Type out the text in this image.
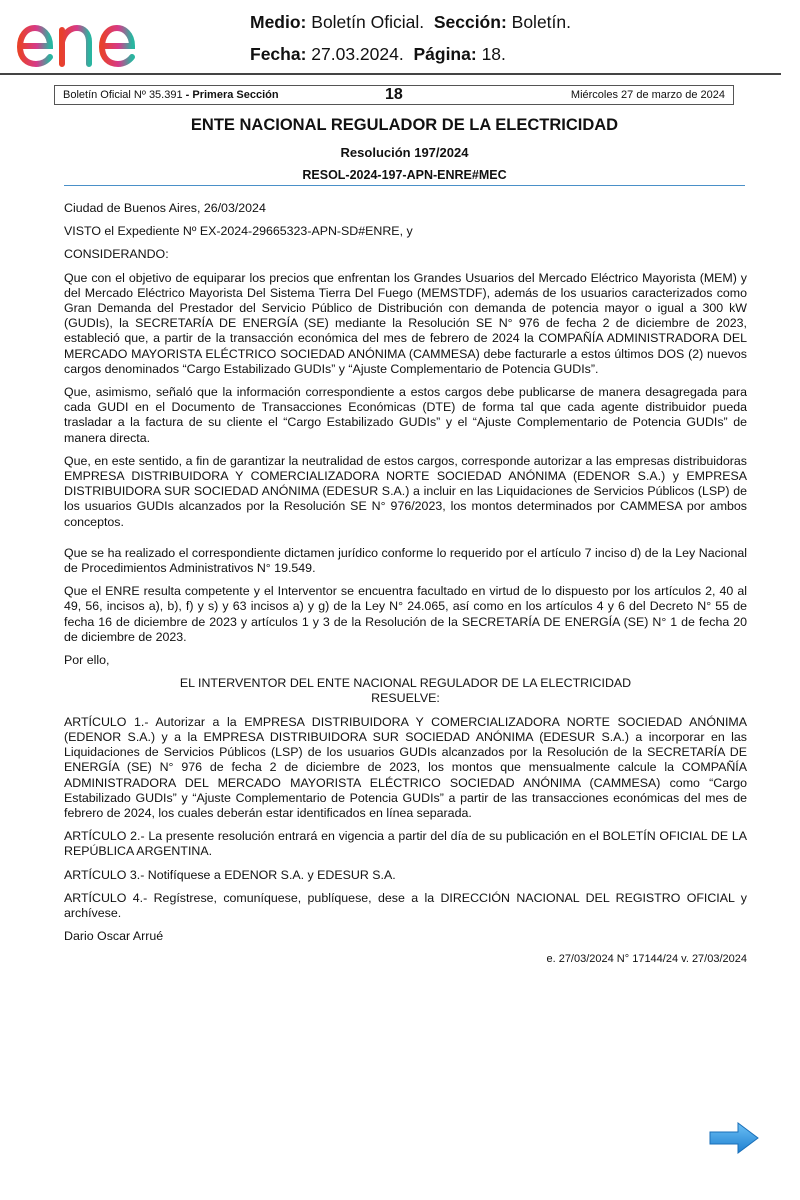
Medio: Boletín Oficial. Sección: Boletín.
Fecha: 27.03.2024. Página: 18.
Boletín Oficial Nº 35.391 - Primera Sección	18	Miércoles 27 de marzo de 2024
ENTE NACIONAL REGULADOR DE LA ELECTRICIDAD
Resolución 197/2024
RESOL-2024-197-APN-ENRE#MEC

Ciudad de Buenos Aires, 26/03/2024

VISTO el Expediente Nº EX-2024-29665323-APN-SD#ENRE, y

CONSIDERANDO:

Que con el objetivo de equiparar los precios que enfrentan los Grandes Usuarios del Mercado Eléctrico Mayorista (MEM) y del Mercado Eléctrico Mayorista Del Sistema Tierra Del Fuego (MEMSTDF), además de los usuarios caracterizados como Gran Demanda del Prestador del Servicio Público de Distribución con demanda de potencia mayor o igual a 300 kW (GUDIs), la SECRETARÍA DE ENERGÍA (SE) mediante la Resolución SE N° 976 de fecha 2 de diciembre de 2023, estableció que, a partir de la transacción económica del mes de febrero de 2024 la COMPAÑÍA ADMINISTRADORA DEL MERCADO MAYORISTA ELÉCTRICO SOCIEDAD ANÓNIMA (CAMMESA) debe facturarle a estos últimos DOS (2) nuevos cargos denominados “Cargo Estabilizado GUDIs” y “Ajuste Complementario de Potencia GUDIs”.

Que, asimismo, señaló que la información correspondiente a estos cargos debe publicarse de manera desagregada para cada GUDI en el Documento de Transacciones Económicas (DTE) de forma tal que cada agente distribuidor pueda trasladar a la factura de su cliente el “Cargo Estabilizado GUDIs” y el “Ajuste Complementario de Potencia GUDIs” de manera directa.

Que, en este sentido, a fin de garantizar la neutralidad de estos cargos, corresponde autorizar a las empresas distribuidoras EMPRESA DISTRIBUIDORA Y COMERCIALIZADORA NORTE SOCIEDAD ANÓNIMA (EDENOR S.A.) y EMPRESA DISTRIBUIDORA SUR SOCIEDAD ANÓNIMA (EDESUR S.A.) a incluir en las Liquidaciones de Servicios Públicos (LSP) de los usuarios GUDIs alcanzados por la Resolución SE N° 976/2023, los montos determinados por CAMMESA por ambos conceptos.

Que se ha realizado el correspondiente dictamen jurídico conforme lo requerido por el artículo 7 inciso d) de la Ley Nacional de Procedimientos Administrativos N° 19.549.

Que el ENRE resulta competente y el Interventor se encuentra facultado en virtud de lo dispuesto por los artículos 2, 40 al 49, 56, incisos a), b), f) y s) y 63 incisos a) y g) de la Ley N° 24.065, así como en los artículos 4 y 6 del Decreto N° 55 de fecha 16 de diciembre de 2023 y artículos 1 y 3 de la Resolución de la SECRETARÍA DE ENERGÍA (SE) N° 1 de fecha 20 de diciembre de 2023.

Por ello,

EL INTERVENTOR DEL ENTE NACIONAL REGULADOR DE LA ELECTRICIDAD

RESUELVE:

ARTÍCULO 1.- Autorizar a la EMPRESA DISTRIBUIDORA Y COMERCIALIZADORA NORTE SOCIEDAD ANÓNIMA (EDENOR S.A.) y a la EMPRESA DISTRIBUIDORA SUR SOCIEDAD ANÓNIMA (EDESUR S.A.) a incorporar en las Liquidaciones de Servicios Públicos (LSP) de los usuarios GUDIs alcanzados por la Resolución de la SECRETARÍA DE ENERGÍA (SE) N° 976 de fecha 2 de diciembre de 2023, los montos que mensualmente calcule la COMPAÑÍA ADMINISTRADORA DEL MERCADO MAYORISTA ELÉCTRICO SOCIEDAD ANÓNIMA (CAMMESA) como “Cargo Estabilizado GUDIs” y “Ajuste Complementario de Potencia GUDIs” a partir de las transacciones económicas del mes de febrero de 2024, los cuales deberán estar identificados en línea separada.

ARTÍCULO 2.- La presente resolución entrará en vigencia a partir del día de su publicación en el BOLETÍN OFICIAL DE LA REPÚBLICA ARGENTINA.

ARTÍCULO 3.- Notifíquese a EDENOR S.A. y EDESUR S.A.

ARTÍCULO 4.- Regístrese, comuníquese, publíquese, dese a la DIRECCIÓN NACIONAL DEL REGISTRO OFICIAL y archívese.

Dario Oscar Arrué

e. 27/03/2024 N° 17144/24 v. 27/03/2024
